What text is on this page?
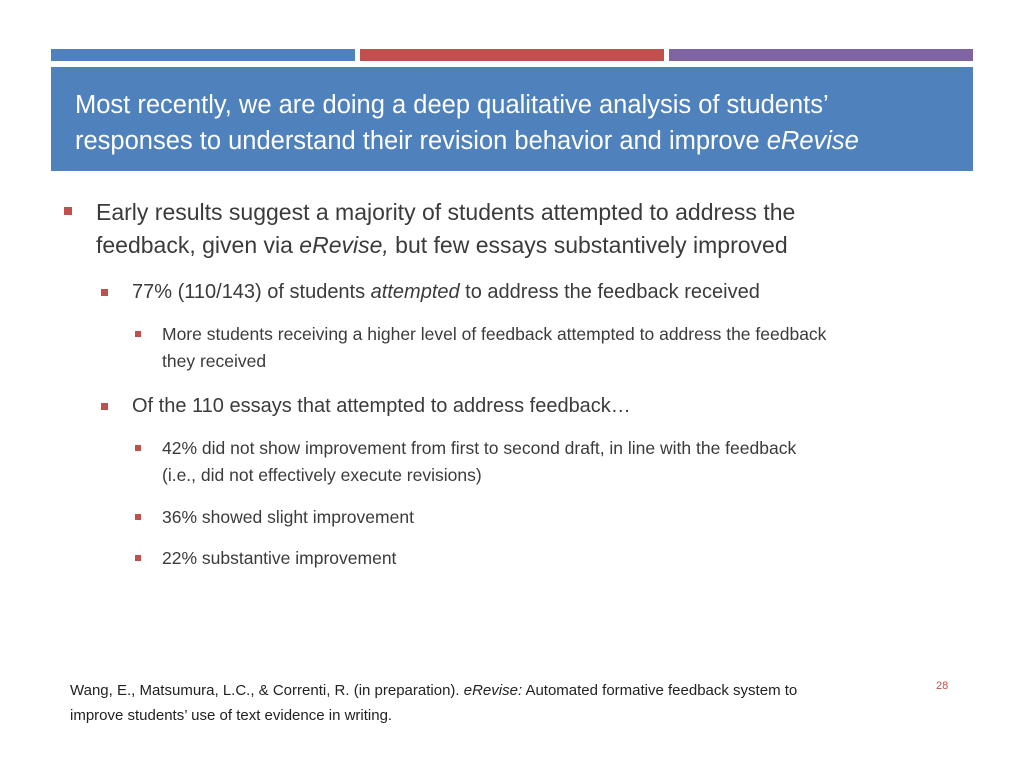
Most recently, we are doing a deep qualitative analysis of students’
responses to understand their revision behavior and improve eRevise
Early results suggest a majority of students attempted to address the
feedback, given via eRevise, but few essays substantively improved
77% (110/143) of students attempted to address the feedback received
More students receiving a higher level of feedback attempted to address the feedback
they received
Of the 110 essays that attempted to address feedback…
42% did not show improvement from first to second draft, in line with the feedback
(i.e., did not effectively execute revisions)
36% showed slight improvement
22% substantive improvement
Wang, E., Matsumura, L.C., & Correnti, R. (in preparation). eRevise: Automated formative feedback system to
improve students’ use of text evidence in writing.
28
